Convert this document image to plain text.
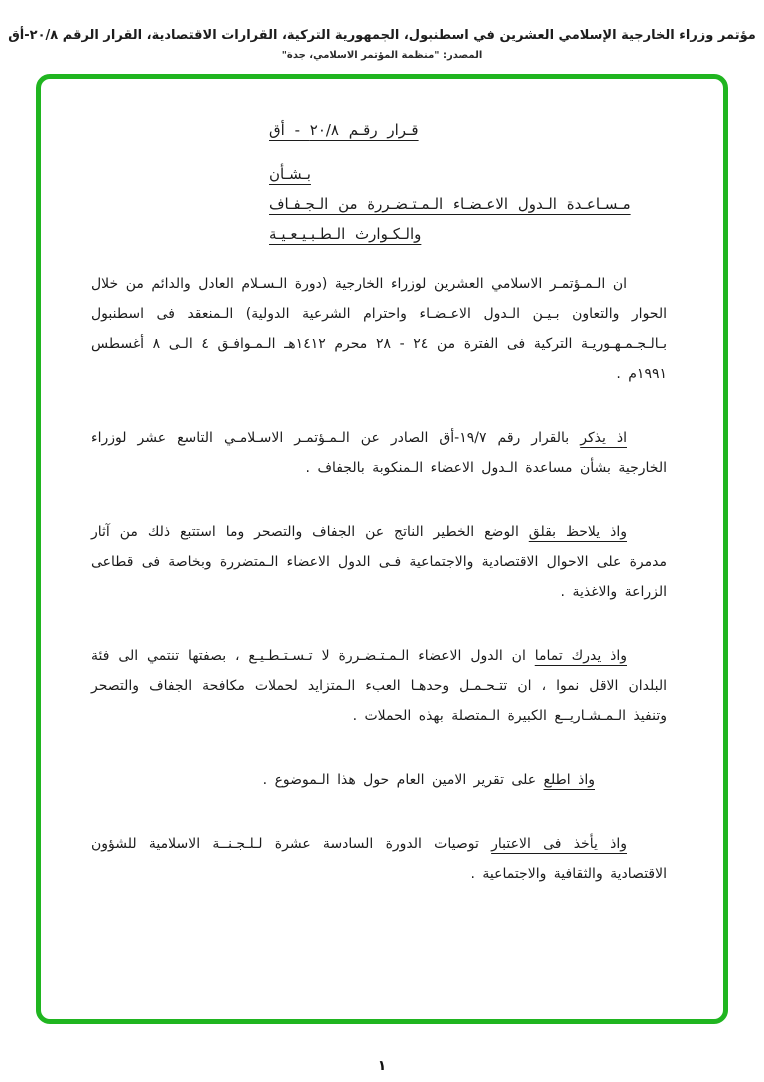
مؤتمر وزراء الخارجية الإسلامي العشرين في اسطنبول، الجمهورية التركية، القرارات الاقتصادية، القرار الرقم ٢٠/٨-أق
المصدر: "منظمة المؤتمر الاسلامي، جدة"
قـرار رقـم ٢٠/٨ - أق
بـشـأن
مـسـاعـدة الـدول الاعـضـاء الـمـتـضـررة من الـجـفـاف
والـكـوارث الـطـبـيـعـيـة

ان الـمـؤتمـر الاسلامي العشرين لوزراء الخارجية (دورة الـسـلام العادل والدائم من خلال الحوار والتعاون بـيـن الـدول الاعـضـاء واحترام الشرعية الدولية) الـمنعقد فى اسطنبول بـالـجـمـهـوريـة التركية فى الفترة من ٢٤ - ٢٨ محرم ١٤١٢هـ الـمـوافـق ٤ الـى ٨ أغسطس ١٩٩١م .

اذ يذكر بالقرار رقم ١٩/٧-أق الصادر عن الـمـؤتمـر الاسـلامـي التاسع عشر لوزراء الخارجية بشأن مساعدة الـدول الاعضاء الـمنكوبة بالجفاف .

واذ يلاحظ بقلق الوضع الخطير الناتج عن الجفاف والتصحر وما استتبع ذلك من آثار مدمرة على الاحوال الاقتصادية والاجتماعية فـى الدول الاعضاء الـمتضررة وبخاصة فى قطاعى الزراعة والاغذية .

واذ يدرك تماما ان الدول الاعضاء الـمـتـضـررة لا تـسـتـطـيـع ، بصفتها تنتمي الى فئة البلدان الاقل نموا ، ان تتـحـمـل وحدهـا العبء الـمتزايد لحملات مكافحة الجفاف والتصحر وتنفيذ الـمـشـاريــع الكبيرة الـمتصلة بهذه الحملات .

واذ اطلع على تقرير الامين العام حول هذا الـموضوع .

واذ يأخذ فى الاعتبار توصيات الدورة السادسة عشرة لـلـجـنــة الاسلامية للشؤون الاقتصادية والثقافية والاجتماعية .

١
